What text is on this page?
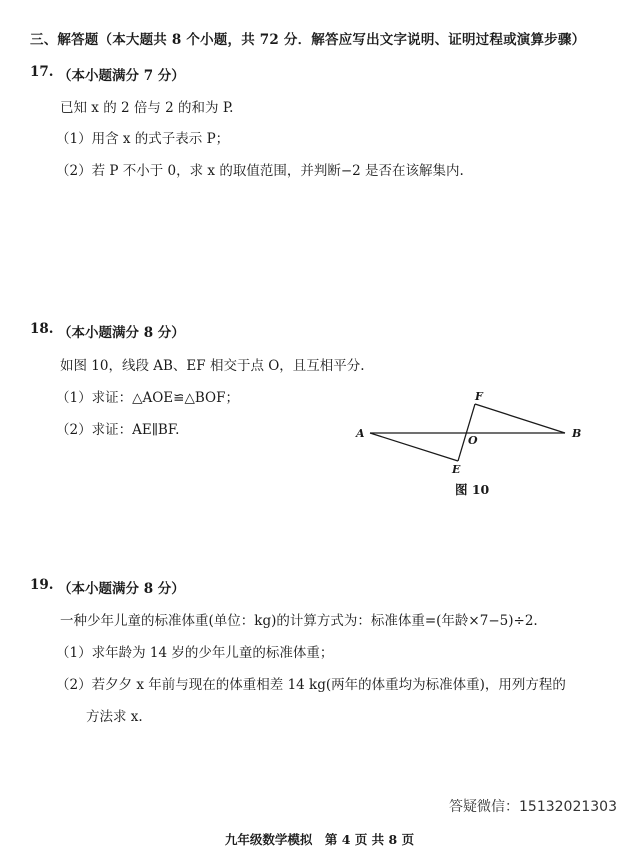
三、解答题（本大题共 8 个小题，共 72 分．解答应写出文字说明、证明过程或演算步骤）
17. （本小题满分 7 分）
已知 x 的 2 倍与 2 的和为 P.
（1）用含 x 的式子表示 P；
（2）若 P 不小于 0，求 x 的取值范围，并判断−2 是否在该解集内.
18. （本小题满分 8 分）
如图 10，线段 AB、EF 相交于点 O，且互相平分.
（1）求证：△AOE≌△BOF；
（2）求证：AE∥BF.	A	B
F
E
O
图 10
19. （本小题满分 8 分）
一种少年儿童的标准体重(单位：kg)的计算方式为：标准体重=(年龄×7−5)÷2.
（1）求年龄为 14 岁的少年儿童的标准体重；
（2）若夕夕 x 年前与现在的体重相差 14 kg(两年的体重均为标准体重)，用列方程的
方法求 x.
答疑微信：15132021303
九年级数学模拟　第 4 页 共 8 页
